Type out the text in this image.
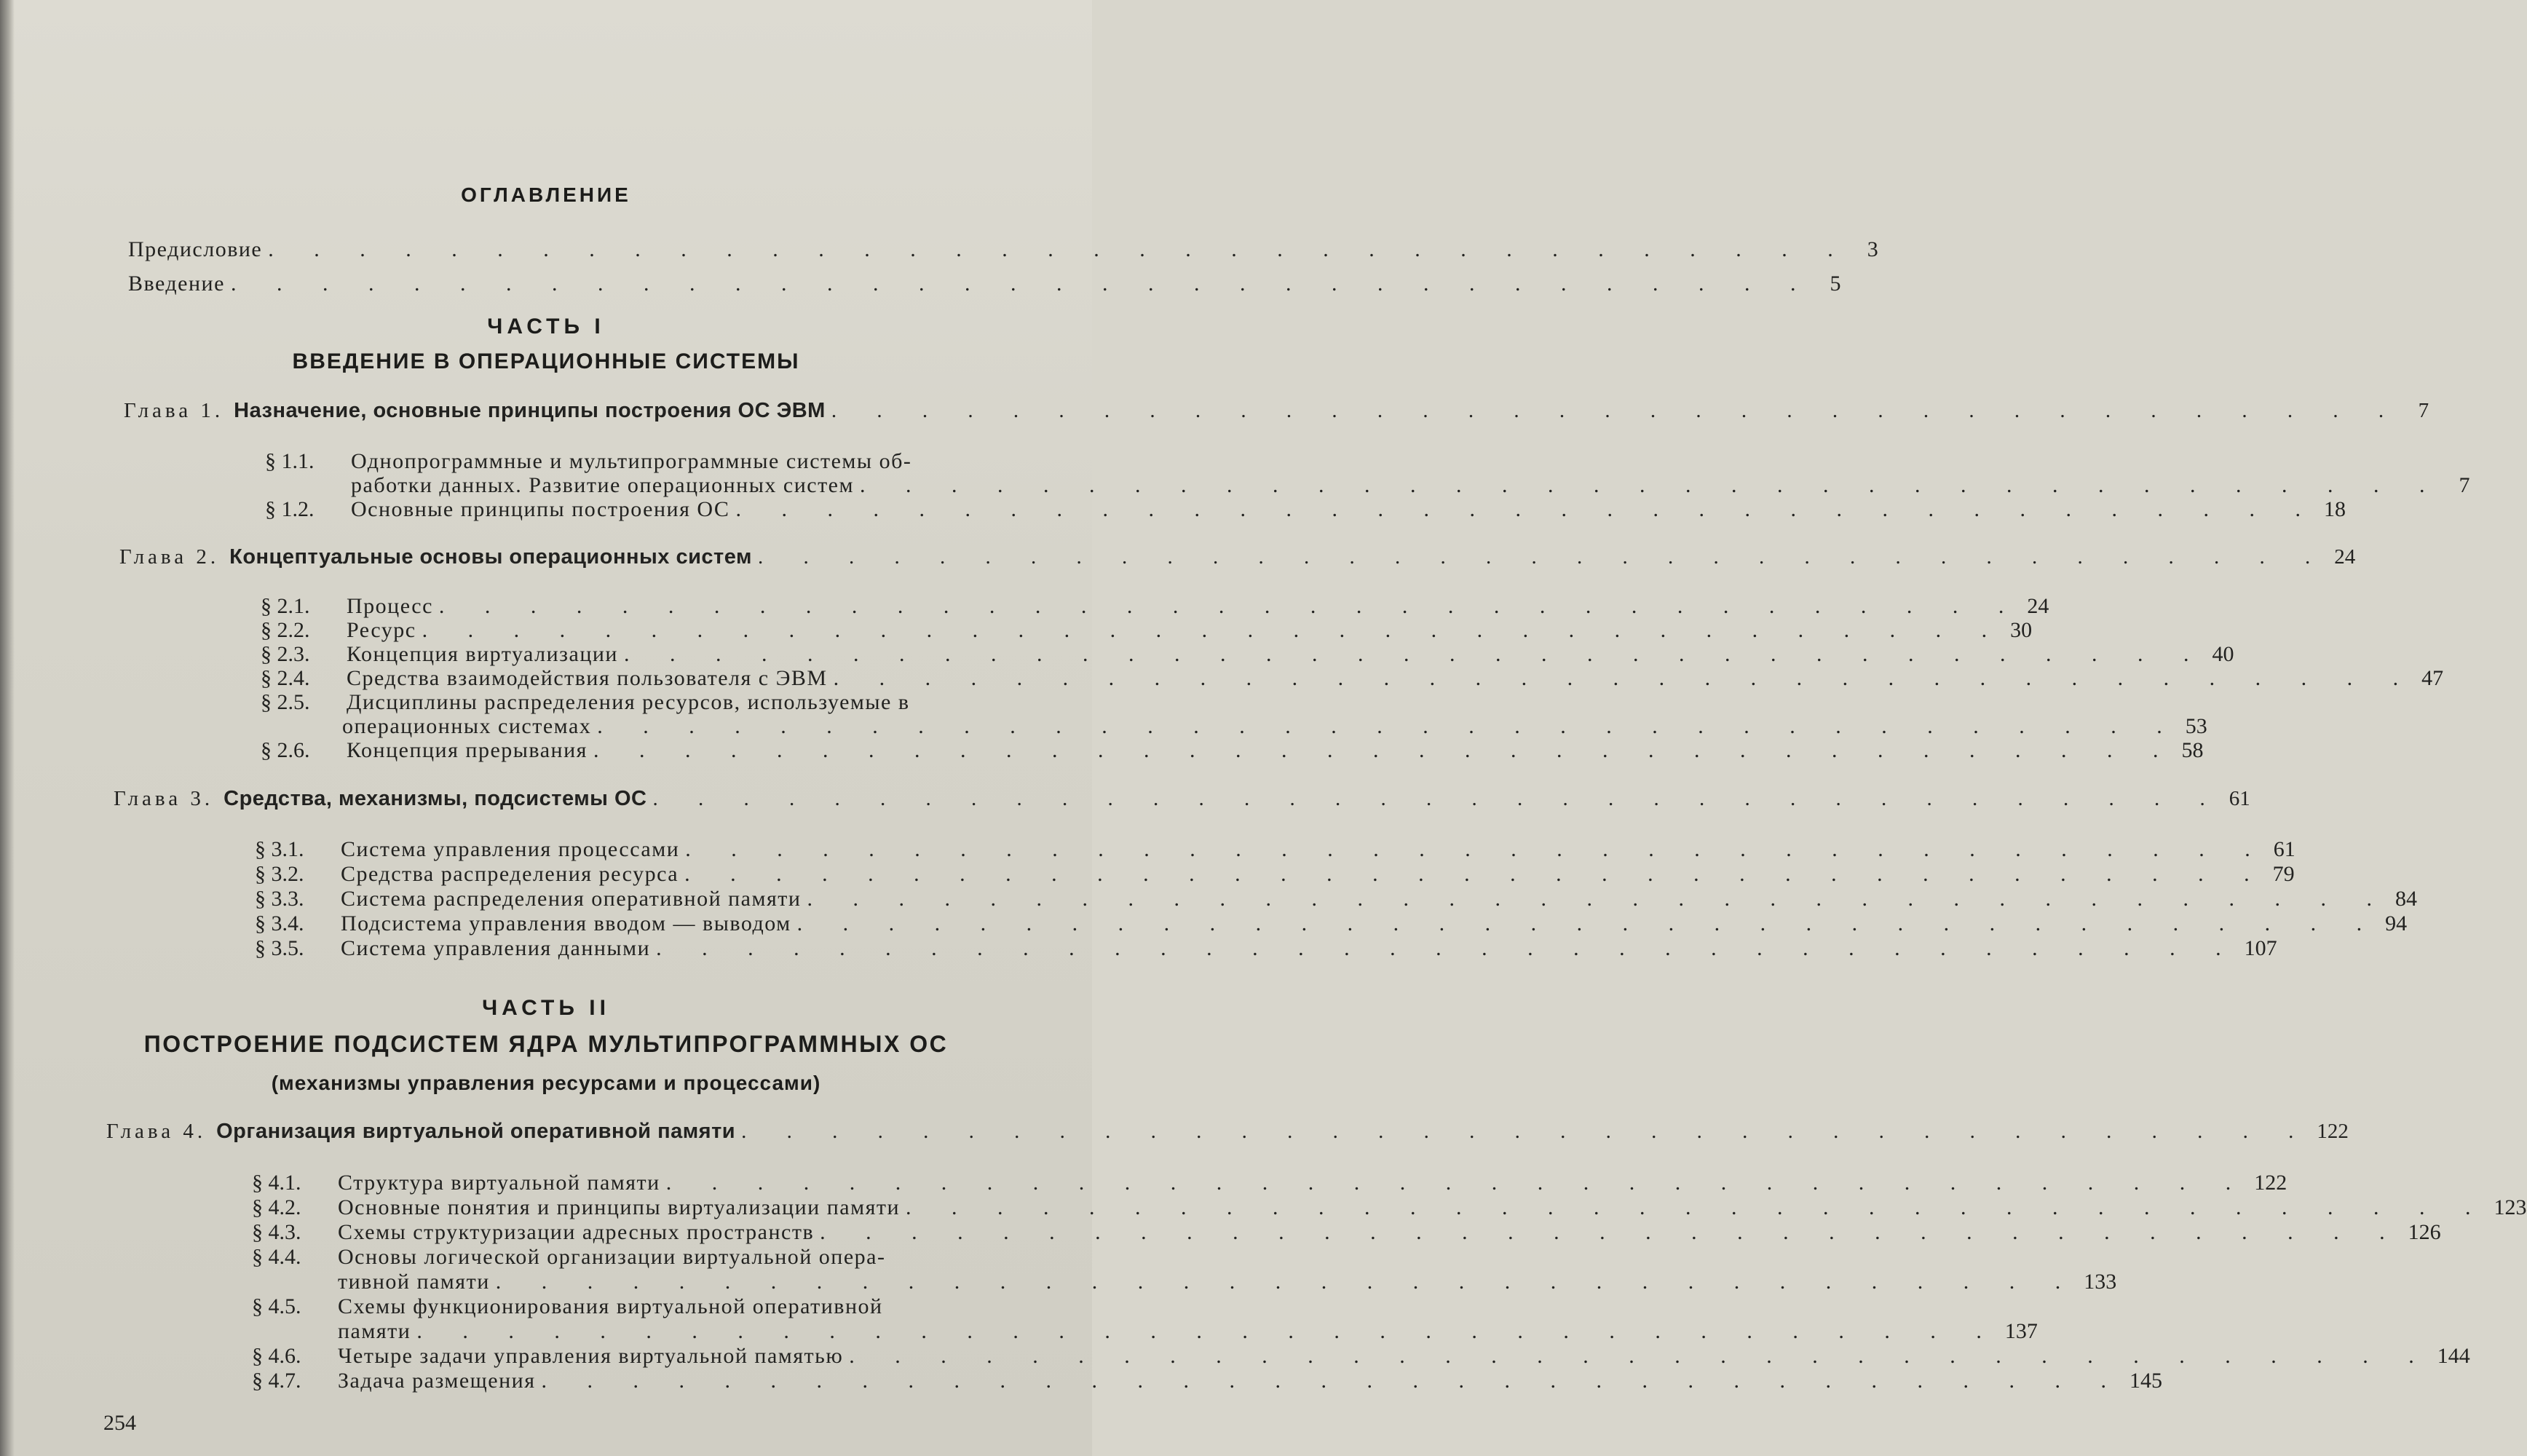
ОГЛАВЛЕНИЕ
Предисловие . . . . . . . . . . . . . . . . . . . . . . . . . . . . . . . . . . . 3
Введение . . . . . . . . . . . . . . . . . . . . . . . . . . . . . . . . . . . 5
ЧАСТЬ I
ВВЕДЕНИЕ В ОПЕРАЦИОННЫЕ СИСТЕМЫ
Глава 1. Назначение, основные принципы построения ОС ЭВМ . . . . . . . . . . . . . . . . . . . . . . . . . . . . . . . . . . . 7
§ 1.1.	Однопрограммные и мультипрограммные системы об-
работки данных. Развитие операционных систем . . . . . . . . . . . . . . . . . . . . . . . . . . . . . . . . . . . 7
§ 1.2.	Основные принципы построения ОС . . . . . . . . . . . . . . . . . . . . . . . . . . . . . . . . . . . 18
Глава 2. Концептуальные основы операционных систем . . . . . . . . . . . . . . . . . . . . . . . . . . . . . . . . . . . 24
§ 2.1.	Процесс . . . . . . . . . . . . . . . . . . . . . . . . . . . . . . . . . . . 24
§ 2.2.	Ресурс . . . . . . . . . . . . . . . . . . . . . . . . . . . . . . . . . . . 30
§ 2.3.	Концепция виртуализации . . . . . . . . . . . . . . . . . . . . . . . . . . . . . . . . . . . 40
§ 2.4.	Средства взаимодействия пользователя с ЭВМ . . . . . . . . . . . . . . . . . . . . . . . . . . . . . . . . . . . 47
§ 2.5.	Дисциплины распределения ресурсов, используемые в
операционных системах . . . . . . . . . . . . . . . . . . . . . . . . . . . . . . . . . . . 53
§ 2.6.	Концепция прерывания . . . . . . . . . . . . . . . . . . . . . . . . . . . . . . . . . . . 58
Глава 3. Средства, механизмы, подсистемы ОС . . . . . . . . . . . . . . . . . . . . . . . . . . . . . . . . . . . 61
§ 3.1.	Система управления процессами . . . . . . . . . . . . . . . . . . . . . . . . . . . . . . . . . . . 61
§ 3.2.	Средства распределения ресурса . . . . . . . . . . . . . . . . . . . . . . . . . . . . . . . . . . . 79
§ 3.3.	Система распределения оперативной памяти . . . . . . . . . . . . . . . . . . . . . . . . . . . . . . . . . . . 84
§ 3.4.	Подсистема управления вводом — выводом . . . . . . . . . . . . . . . . . . . . . . . . . . . . . . . . . . . 94
§ 3.5.	Система управления данными . . . . . . . . . . . . . . . . . . . . . . . . . . . . . . . . . . . 107
ЧАСТЬ II
ПОСТРОЕНИЕ ПОДСИСТЕМ ЯДРА МУЛЬТИПРОГРАММНЫХ ОС
(механизмы управления ресурсами и процессами)
Глава 4. Организация виртуальной оперативной памяти . . . . . . . . . . . . . . . . . . . . . . . . . . . . . . . . . . . 122
§ 4.1.	Структура виртуальной памяти . . . . . . . . . . . . . . . . . . . . . . . . . . . . . . . . . . . 122
§ 4.2.	Основные понятия и принципы виртуализации памяти . . . . . . . . . . . . . . . . . . . . . . . . . . . . . . . . . . . 123
§ 4.3.	Схемы структуризации адресных пространств . . . . . . . . . . . . . . . . . . . . . . . . . . . . . . . . . . . 126
§ 4.4.	Основы логической организации виртуальной опера-
тивной памяти . . . . . . . . . . . . . . . . . . . . . . . . . . . . . . . . . . . 133
§ 4.5.	Схемы функционирования виртуальной оперативной
памяти . . . . . . . . . . . . . . . . . . . . . . . . . . . . . . . . . . . 137
§ 4.6.	Четыре задачи управления виртуальной памятью . . . . . . . . . . . . . . . . . . . . . . . . . . . . . . . . . . . 144
§ 4.7.	Задача размещения . . . . . . . . . . . . . . . . . . . . . . . . . . . . . . . . . . . 145
254
